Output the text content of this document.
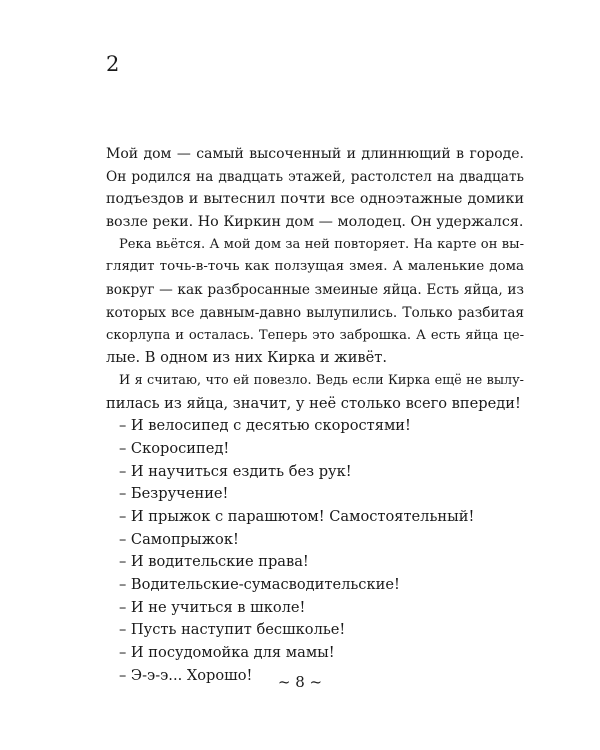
2
Мой дом — самый высоченный и длиннющий в городе.
Он родился на двадцать этажей, растолстел на двадцать
подъездов и вытеснил почти все одноэтажные домики
возле реки. Но Киркин дом — молодец. Он удержался.
Река вьётся. А мой дом за ней повторяет. На карте он вы-
глядит точь-в-точь как ползущая змея. А маленькие дома
вокруг — как разбросанные змеиные яйца. Есть яйца, из
которых все давным-давно вылупились. Только разбитая
скорлупа и осталась. Теперь это заброшка. А есть яйца це-
лые. В одном из них Кирка и живёт.
И я считаю, что ей повезло. Ведь если Кирка ещё не вылу-
пилась из яйца, значит, у неё столько всего впереди!
– И велосипед с десятью скоростями!
– Скоросипед!
– И научиться ездить без рук!
– Безручение!
– И прыжок с парашютом! Самостоятельный!
– Самопрыжок!
– И водительские права!
– Водительские-сумасводительские!
– И не учиться в школе!
– Пусть наступит бесшколье!
– И посудомойка для мамы!
– Э-э-э... Хорошо!	~ 8 ~
